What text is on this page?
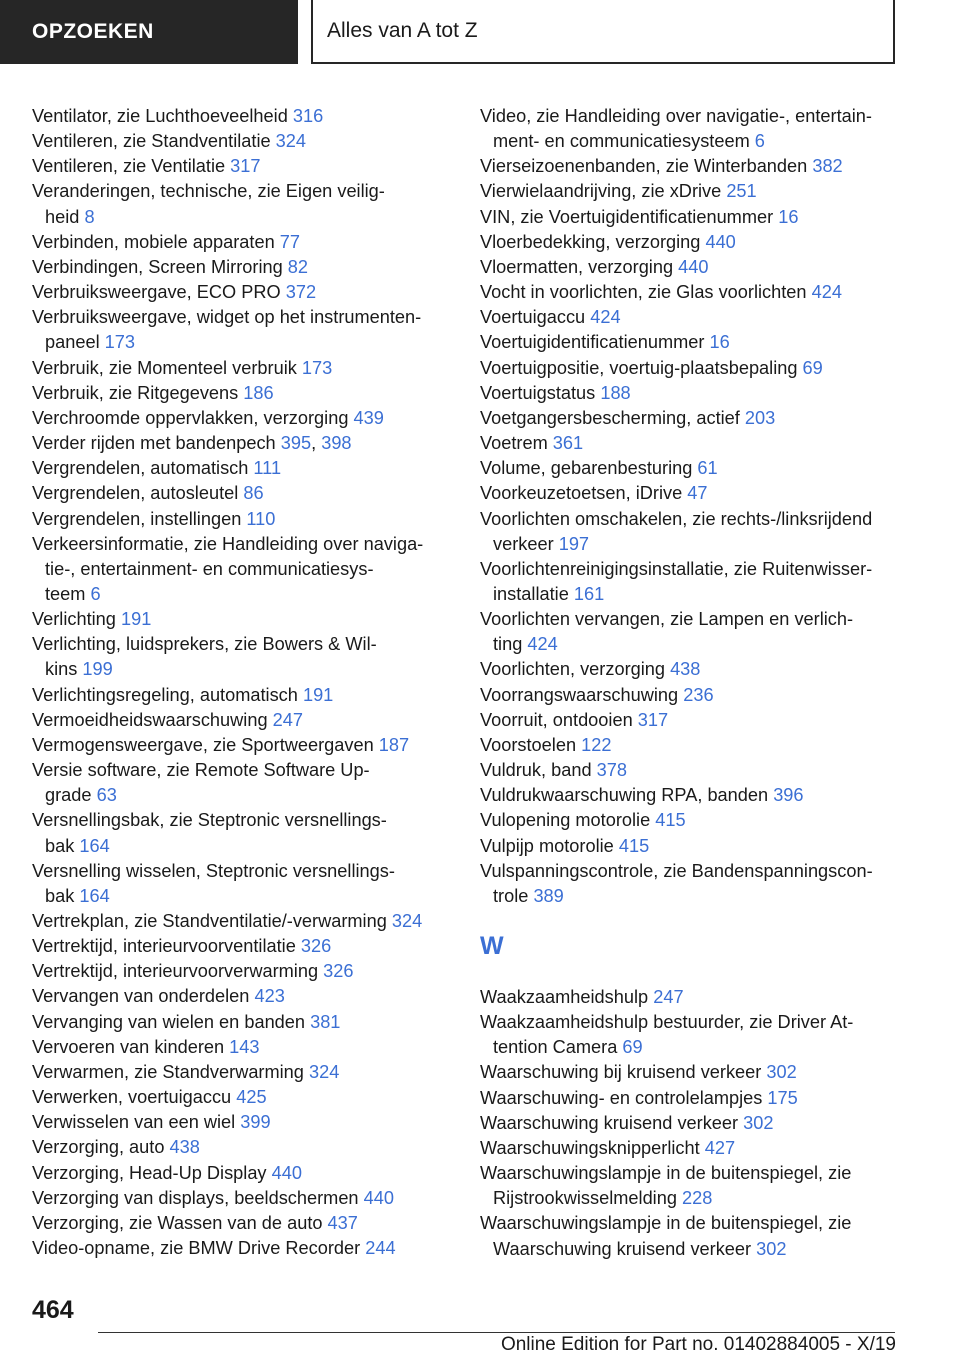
OPZOEKEN	Alles van A tot Z
Ventilator, zie Luchthoeveelheid 316
Ventileren, zie Standventilatie 324
Ventileren, zie Ventilatie 317
Veranderingen, technische, zie Eigen veilig-
heid 8
Verbinden, mobiele apparaten 77
Verbindingen, Screen Mirroring 82
Verbruiksweergave, ECO PRO 372
Verbruiksweergave, widget op het instrumenten-
paneel 173
Verbruik, zie Momenteel verbruik 173
Verbruik, zie Ritgegevens 186
Verchroomde oppervlakken, verzorging 439
Verder rijden met bandenpech 395, 398
Vergrendelen, automatisch 111
Vergrendelen, autosleutel 86
Vergrendelen, instellingen 110
Verkeersinformatie, zie Handleiding over naviga-
tie-, entertainment- en communicatiesys-
teem 6
Verlichting 191
Verlichting, luidsprekers, zie Bowers & Wil-
kins 199
Verlichtingsregeling, automatisch 191
Vermoeidheidswaarschuwing 247
Vermogensweergave, zie Sportweergaven 187
Versie software, zie Remote Software Up-
grade 63
Versnellingsbak, zie Steptronic versnellings-
bak 164
Versnelling wisselen, Steptronic versnellings-
bak 164
Vertrekplan, zie Standventilatie/-verwarming 324
Vertrektijd, interieurvoorventilatie 326
Vertrektijd, interieurvoorverwarming 326
Vervangen van onderdelen 423
Vervanging van wielen en banden 381
Vervoeren van kinderen 143
Verwarmen, zie Standverwarming 324
Verwerken, voertuigaccu 425
Verwisselen van een wiel 399
Verzorging, auto 438
Verzorging, Head-Up Display 440
Verzorging van displays, beeldschermen 440
Verzorging, zie Wassen van de auto 437
Video-opname, zie BMW Drive Recorder 244
Video, zie Handleiding over navigatie-, entertain-
ment- en communicatiesysteem 6
Vierseizoenenbanden, zie Winterbanden 382
Vierwielaandrijving, zie xDrive 251
VIN, zie Voertuigidentificatienummer 16
Vloerbedekking, verzorging 440
Vloermatten, verzorging 440
Vocht in voorlichten, zie Glas voorlichten 424
Voertuigaccu 424
Voertuigidentificatienummer 16
Voertuigpositie, voertuig-plaatsbepaling 69
Voertuigstatus 188
Voetgangersbescherming, actief 203
Voetrem 361
Volume, gebarenbesturing 61
Voorkeuzetoetsen, iDrive 47
Voorlichten omschakelen, zie rechts-/linksrijdend
verkeer 197
Voorlichtenreinigingsinstallatie, zie Ruitenwisser-
installatie 161
Voorlichten vervangen, zie Lampen en verlich-
ting 424
Voorlichten, verzorging 438
Voorrangswaarschuwing 236
Voorruit, ontdooien 317
Voorstoelen 122
Vuldruk, band 378
Vuldrukwaarschuwing RPA, banden 396
Vulopening motorolie 415
Vulpijp motorolie 415
Vulspanningscontrole, zie Bandenspanningscon-
trole 389
W
Waakzaamheidshulp 247
Waakzaamheidshulp bestuurder, zie Driver At-
tention Camera 69
Waarschuwing bij kruisend verkeer 302
Waarschuwing- en controlelampjes 175
Waarschuwing kruisend verkeer 302
Waarschuwingsknipperlicht 427
Waarschuwingslampje in de buitenspiegel, zie
Rijstrookwisselmelding 228
Waarschuwingslampje in de buitenspiegel, zie
Waarschuwing kruisend verkeer 302
464
Online Edition for Part no. 01402884005 - X/19
